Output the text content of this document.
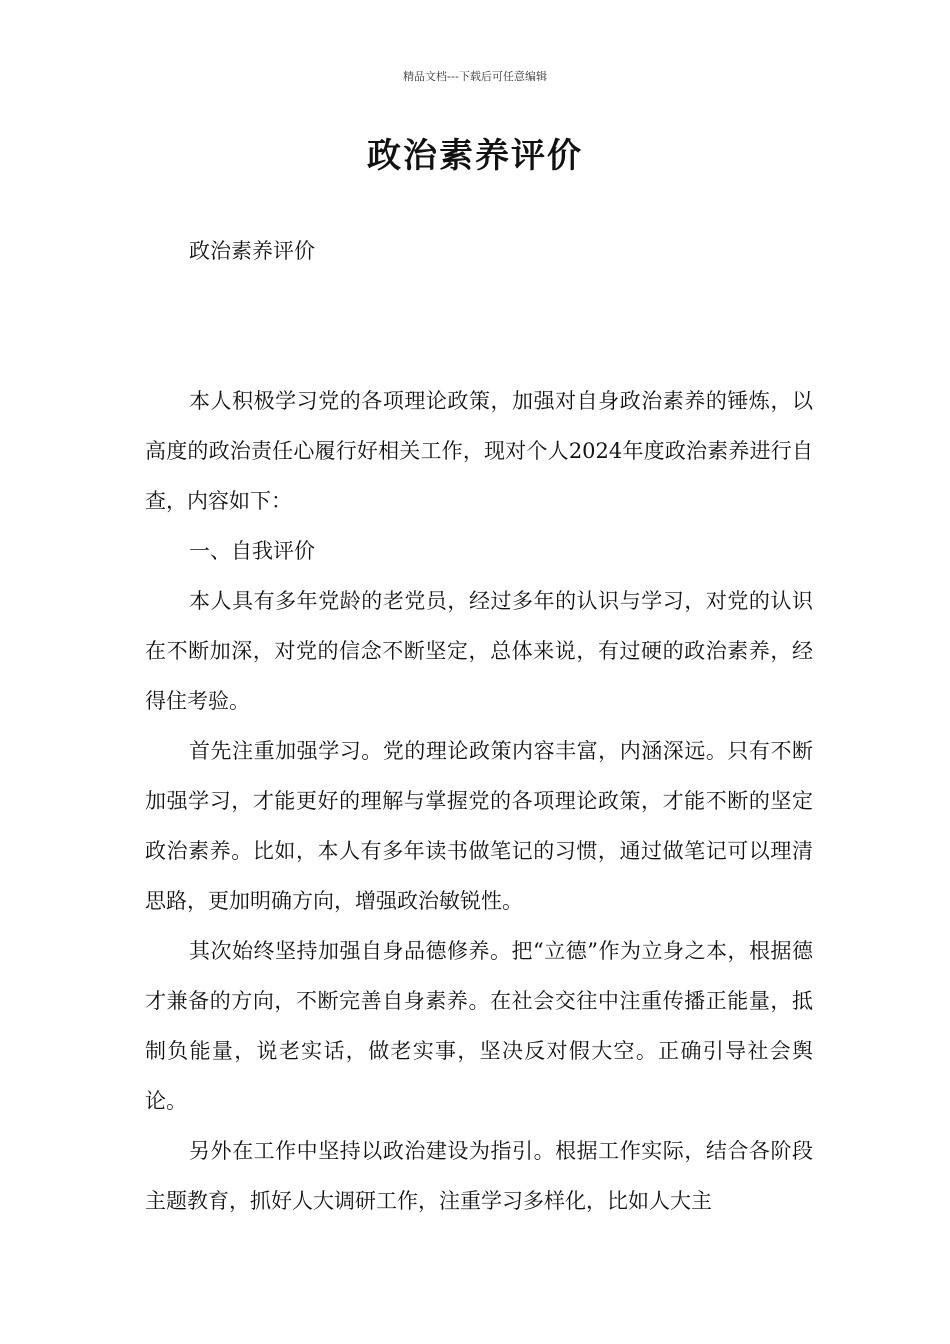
精品文档---下载后可任意编辑
政治素养评价
政治素养评价

本人积极学习党的各项理论政策，加强对自身政治素养的锤炼，以高度的政治责任心履行好相关工作，现对个人2024年度政治素养进行自查，内容如下：

一、自我评价

本人具有多年党龄的老党员，经过多年的认识与学习，对党的认识在不断加深，对党的信念不断坚定，总体来说，有过硬的政治素养，经得住考验。

首先注重加强学习。党的理论政策内容丰富，内涵深远。只有不断加强学习，才能更好的理解与掌握党的各项理论政策，才能不断的坚定政治素养。比如，本人有多年读书做笔记的习惯，通过做笔记可以理清思路，更加明确方向，增强政治敏锐性。

其次始终坚持加强自身品德修养。把“立德”作为立身之本，根据德才兼备的方向，不断完善自身素养。在社会交往中注重传播正能量，抵制负能量，说老实话，做老实事，坚决反对假大空。正确引导社会舆论。

另外在工作中坚持以政治建设为指引。根据工作实际，结合各阶段主题教育，抓好人大调研工作，注重学习多样化，比如人大主
